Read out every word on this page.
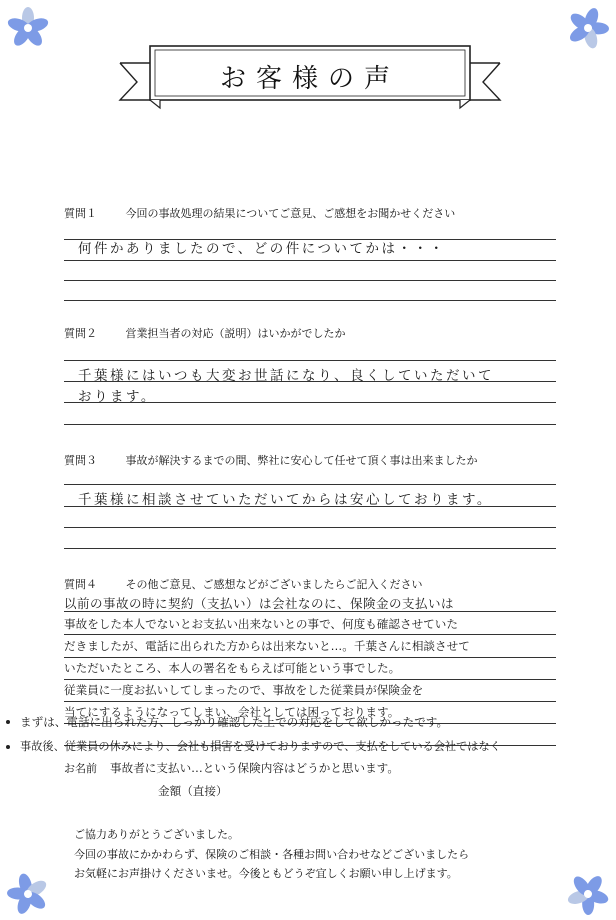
お客様の声
質問１	今回の事故処理の結果についてご意見、ご感想をお聞かせください
何件かありましたので、どの件についてかは・・・
質問２	営業担当者の対応（説明）はいかがでしたか
千葉様にはいつも大変お世話になり、良くしていただいて
おります。
質問３	事故が解決するまでの間、弊社に安心して任せて頂く事は出来ましたか
千葉様に相談させていただいてからは安心しております。
質問４	その他ご意見、ご感想などがございましたらご記入ください
以前の事故の時に契約（支払い）は会社なのに、保険金の支払いは
事故をした本人でないとお支払い出来ないとの事で、何度も確認させていた
だきましたが、電話に出られた方からは出来ないと…。千葉さんに相談させて
いただいたところ、本人の署名をもらえば可能という事でした。
従業員に一度お払いしてしまったので、事故をした従業員が保険金を
当てにするようになってしまい、会社としては困っております。
まずは、電話に出られた方、しっかり確認した上での対応をして欲しかったです。
事故後、従業員の休みにより、会社も損害を受けておりますので、支払をしている会社ではなく
お名前 事故者に支払い…という保険内容はどうかと思います。
金額（直接）
ご協力ありがとうございました。
今回の事故にかかわらず、保険のご相談・各種お問い合わせなどございましたら
お気軽にお声掛けくださいませ。今後ともどうぞ宜しくお願い申し上げます。
